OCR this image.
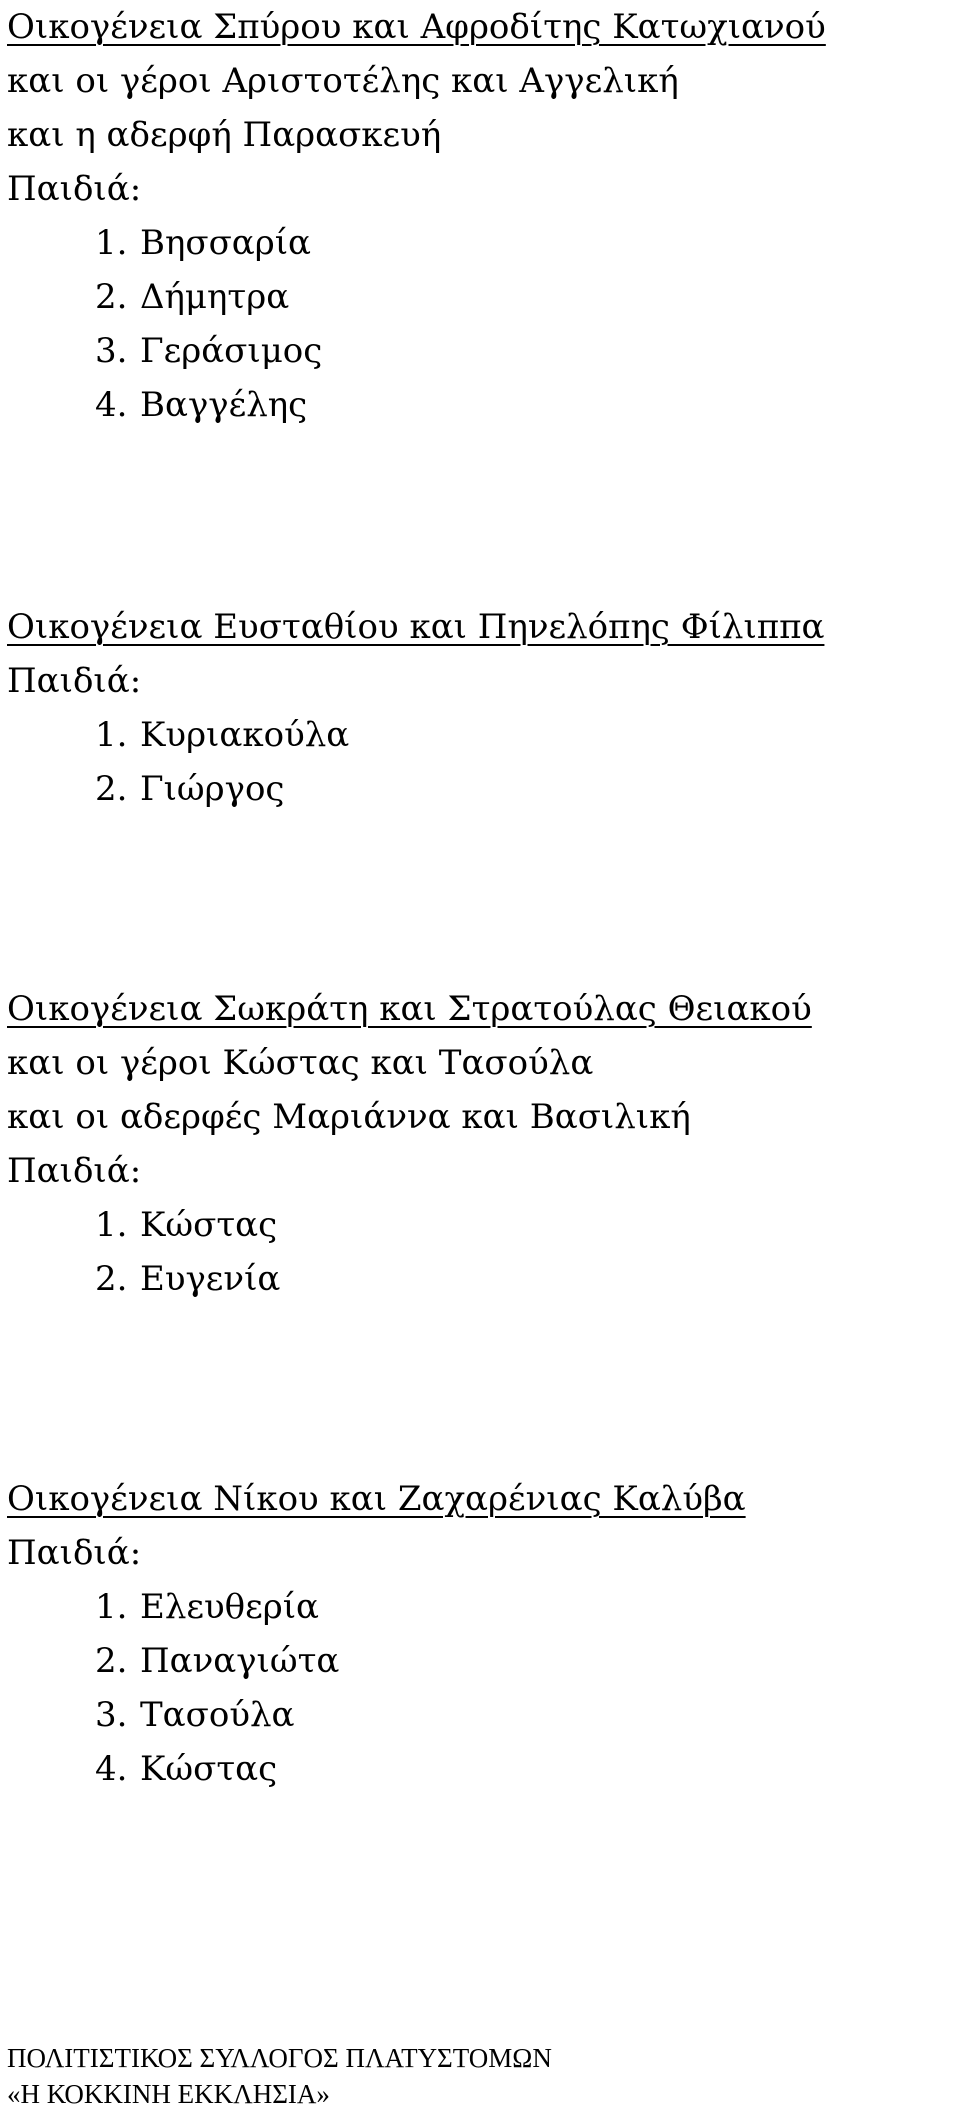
Οικογένεια Σπύρου και Αφροδίτης Κατωχιανού
και οι γέροι Αριστοτέλης και Αγγελική
και η αδερφή Παρασκευή
Παιδιά:
1. Βησσαρία
2. Δήμητρα
3. Γεράσιμος
4. Βαγγέλης
Οικογένεια Ευσταθίου και Πηνελόπης Φίλιππα
Παιδιά:
1. Κυριακούλα
2. Γιώργος
Οικογένεια Σωκράτη και Στρατούλας Θειακού
και οι γέροι Κώστας και Τασούλα
και οι αδερφές Μαριάννα και Βασιλική
Παιδιά:
1. Κώστας
2. Ευγενία
Οικογένεια Νίκου και Ζαχαρένιας Καλύβα
Παιδιά:
1. Ελευθερία
2. Παναγιώτα
3. Τασούλα
4. Κώστας
ΠΟΛΙΤΙΣΤΙΚΟΣ ΣΥΛΛΟΓΟΣ ΠΛΑΤΥΣΤΟΜΩΝ
«Η ΚΟΚΚΙΝΗ ΕΚΚΛΗΣΙΑ»
